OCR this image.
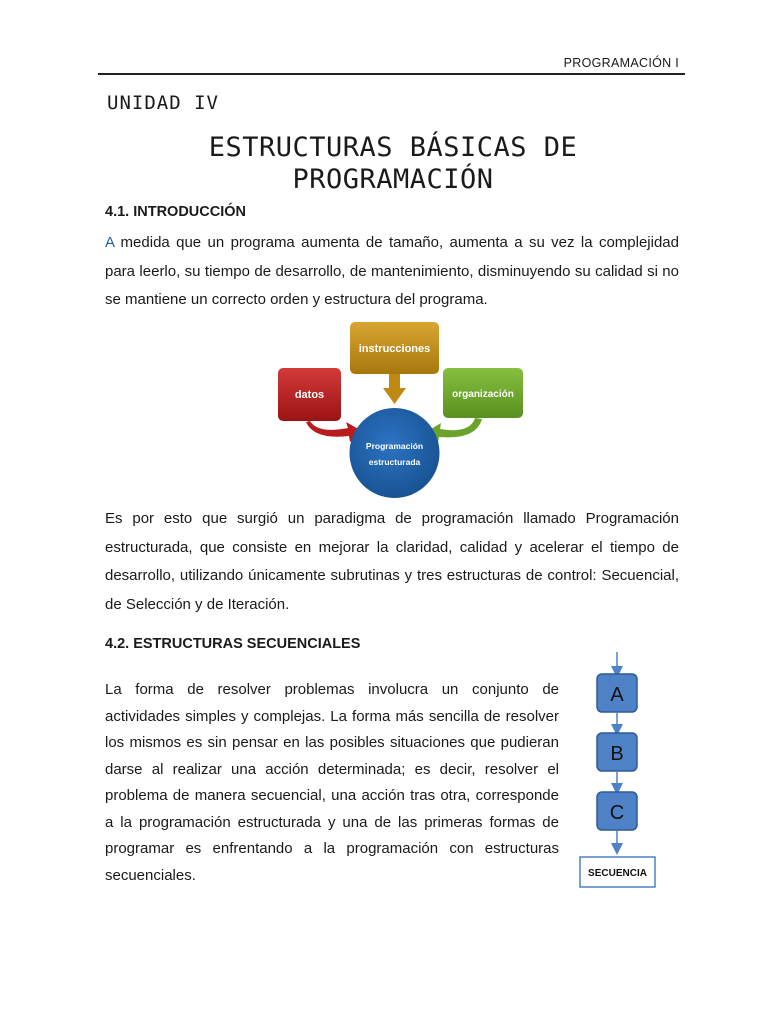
PROGRAMACIÓN I
UNIDAD IV
ESTRUCTURAS BÁSICAS DE PROGRAMACIÓN
4.1. INTRODUCCIÓN

A medida que un programa aumenta de tamaño, aumenta a su vez la complejidad para leerlo, su tiempo de desarrollo, de mantenimiento, disminuyendo su calidad si no se mantiene un correcto orden y estructura del programa.

instrucciones
datos	organización
Programación
estructurada

Es por esto que surgió un paradigma de programación llamado Programación estructurada, que consiste en mejorar la claridad, calidad y acelerar el tiempo de desarrollo, utilizando únicamente subrutinas y tres estructuras de control: Secuencial, de Selección y de Iteración.

4.2. ESTRUCTURAS SECUENCIALES

La forma de resolver problemas involucra un conjunto de actividades simples y complejas. La forma más sencilla de resolver los mismos es sin pensar en las posibles situaciones que pudieran darse al realizar una acción determinada; es decir, resolver el problema de manera secuencial, una acción tras otra, corresponde a la programación estructurada y una de las primeras formas de programar es enfrentando a la programación con estructuras secuenciales.

A
B
C
SECUENCIA
